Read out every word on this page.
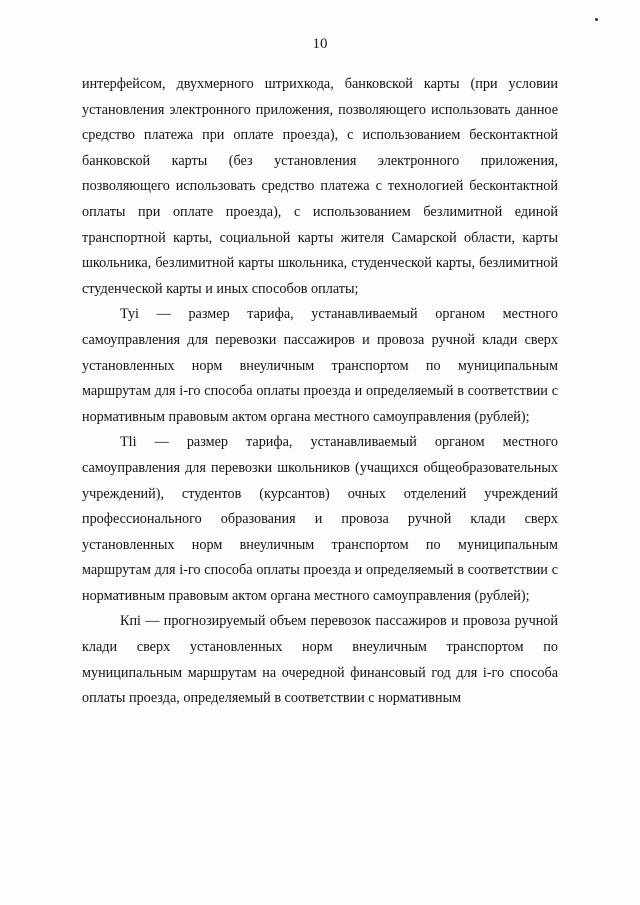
10

интерфейсом, двухмерного штрихкода, банковской карты (при условии установления электронного приложения, позволяющего использовать данное средство платежа при оплате проезда), с использованием бесконтактной банковской карты (без установления электронного приложения, позволяющего использовать средство платежа с технологией бесконтактной оплаты при оплате проезда), с использованием безлимитной единой транспортной карты, социальной карты жителя Самарской области, карты школьника, безлимитной карты школьника, студенческой карты, безлимитной студенческой карты и иных способов оплаты;

Туi — размер тарифа, устанавливаемый органом местного самоуправления для перевозки пассажиров и провоза ручной клади сверх установленных норм внеуличным транспортом по муниципальным маршрутам для i-го способа оплаты проезда и определяемый в соответствии с нормативным правовым актом органа местного самоуправления (рублей);

Тli — размер тарифа, устанавливаемый органом местного самоуправления для перевозки школьников (учащихся общеобразовательных учреждений), студентов (курсантов) очных отделений учреждений профессионального образования и провоза ручной клади сверх установленных норм внеуличным транспортом по муниципальным маршрутам для i-го способа оплаты проезда и определяемый в соответствии с нормативным правовым актом органа местного самоуправления (рублей);

Кпi — прогнозируемый объем перевозок пассажиров и провоза ручной клади сверх установленных норм внеуличным транспортом по муниципальным маршрутам на очередной финансовый год для i-го способа оплаты проезда, определяемый в соответствии с нормативным
